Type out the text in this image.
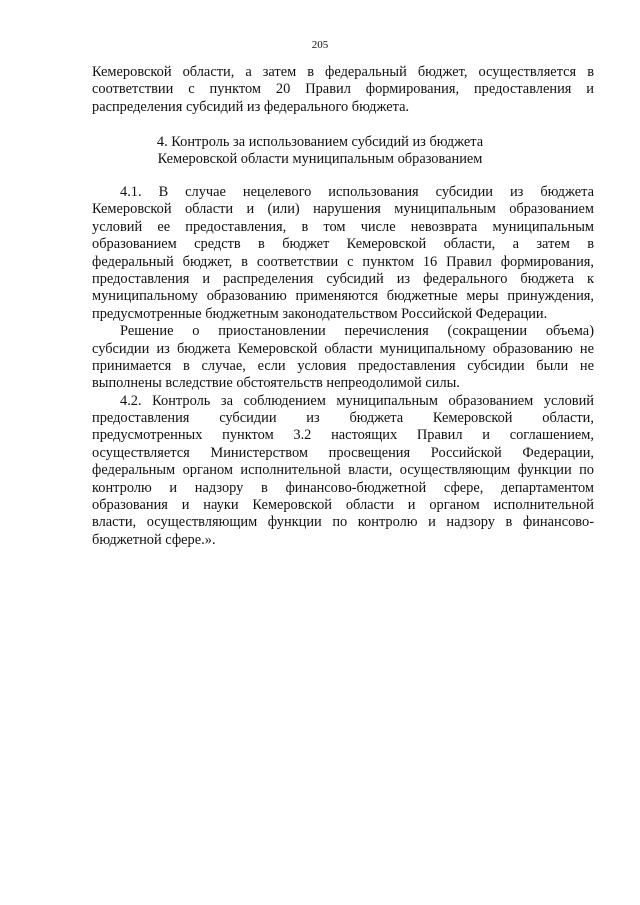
205
Кемеровской области, а затем в федеральный бюджет, осуществляется в
соответствии с пунктом 20 Правил формирования, предоставления и
распределения субсидий из федерального бюджета.
4. Контроль за использованием субсидий из бюджета
Кемеровской области муниципальным образованием
4.1. В случае нецелевого использования субсидии из бюджета
Кемеровской области и (или) нарушения муниципальным образованием
условий ее предоставления, в том числе невозврата муниципальным
образованием средств в бюджет Кемеровской области, а затем в
федеральный бюджет, в соответствии с пунктом 16 Правил формирования,
предоставления и распределения субсидий из федерального бюджета к
муниципальному образованию применяются бюджетные меры принуждения,
предусмотренные бюджетным законодательством Российской Федерации.
Решение о приостановлении перечисления (сокращении объема)
субсидии из бюджета Кемеровской области муниципальному образованию не
принимается в случае, если условия предоставления субсидии были не
выполнены вследствие обстоятельств непреодолимой силы.
4.2. Контроль за соблюдением муниципальным образованием условий
предоставления субсидии из бюджета Кемеровской области,
предусмотренных пунктом 3.2 настоящих Правил и соглашением,
осуществляется Министерством просвещения Российской Федерации,
федеральным органом исполнительной власти, осуществляющим функции по
контролю и надзору в финансово-бюджетной сфере, департаментом
образования и науки Кемеровской области и органом исполнительной
власти, осуществляющим функции по контролю и надзору в финансово-
бюджетной сфере.».
